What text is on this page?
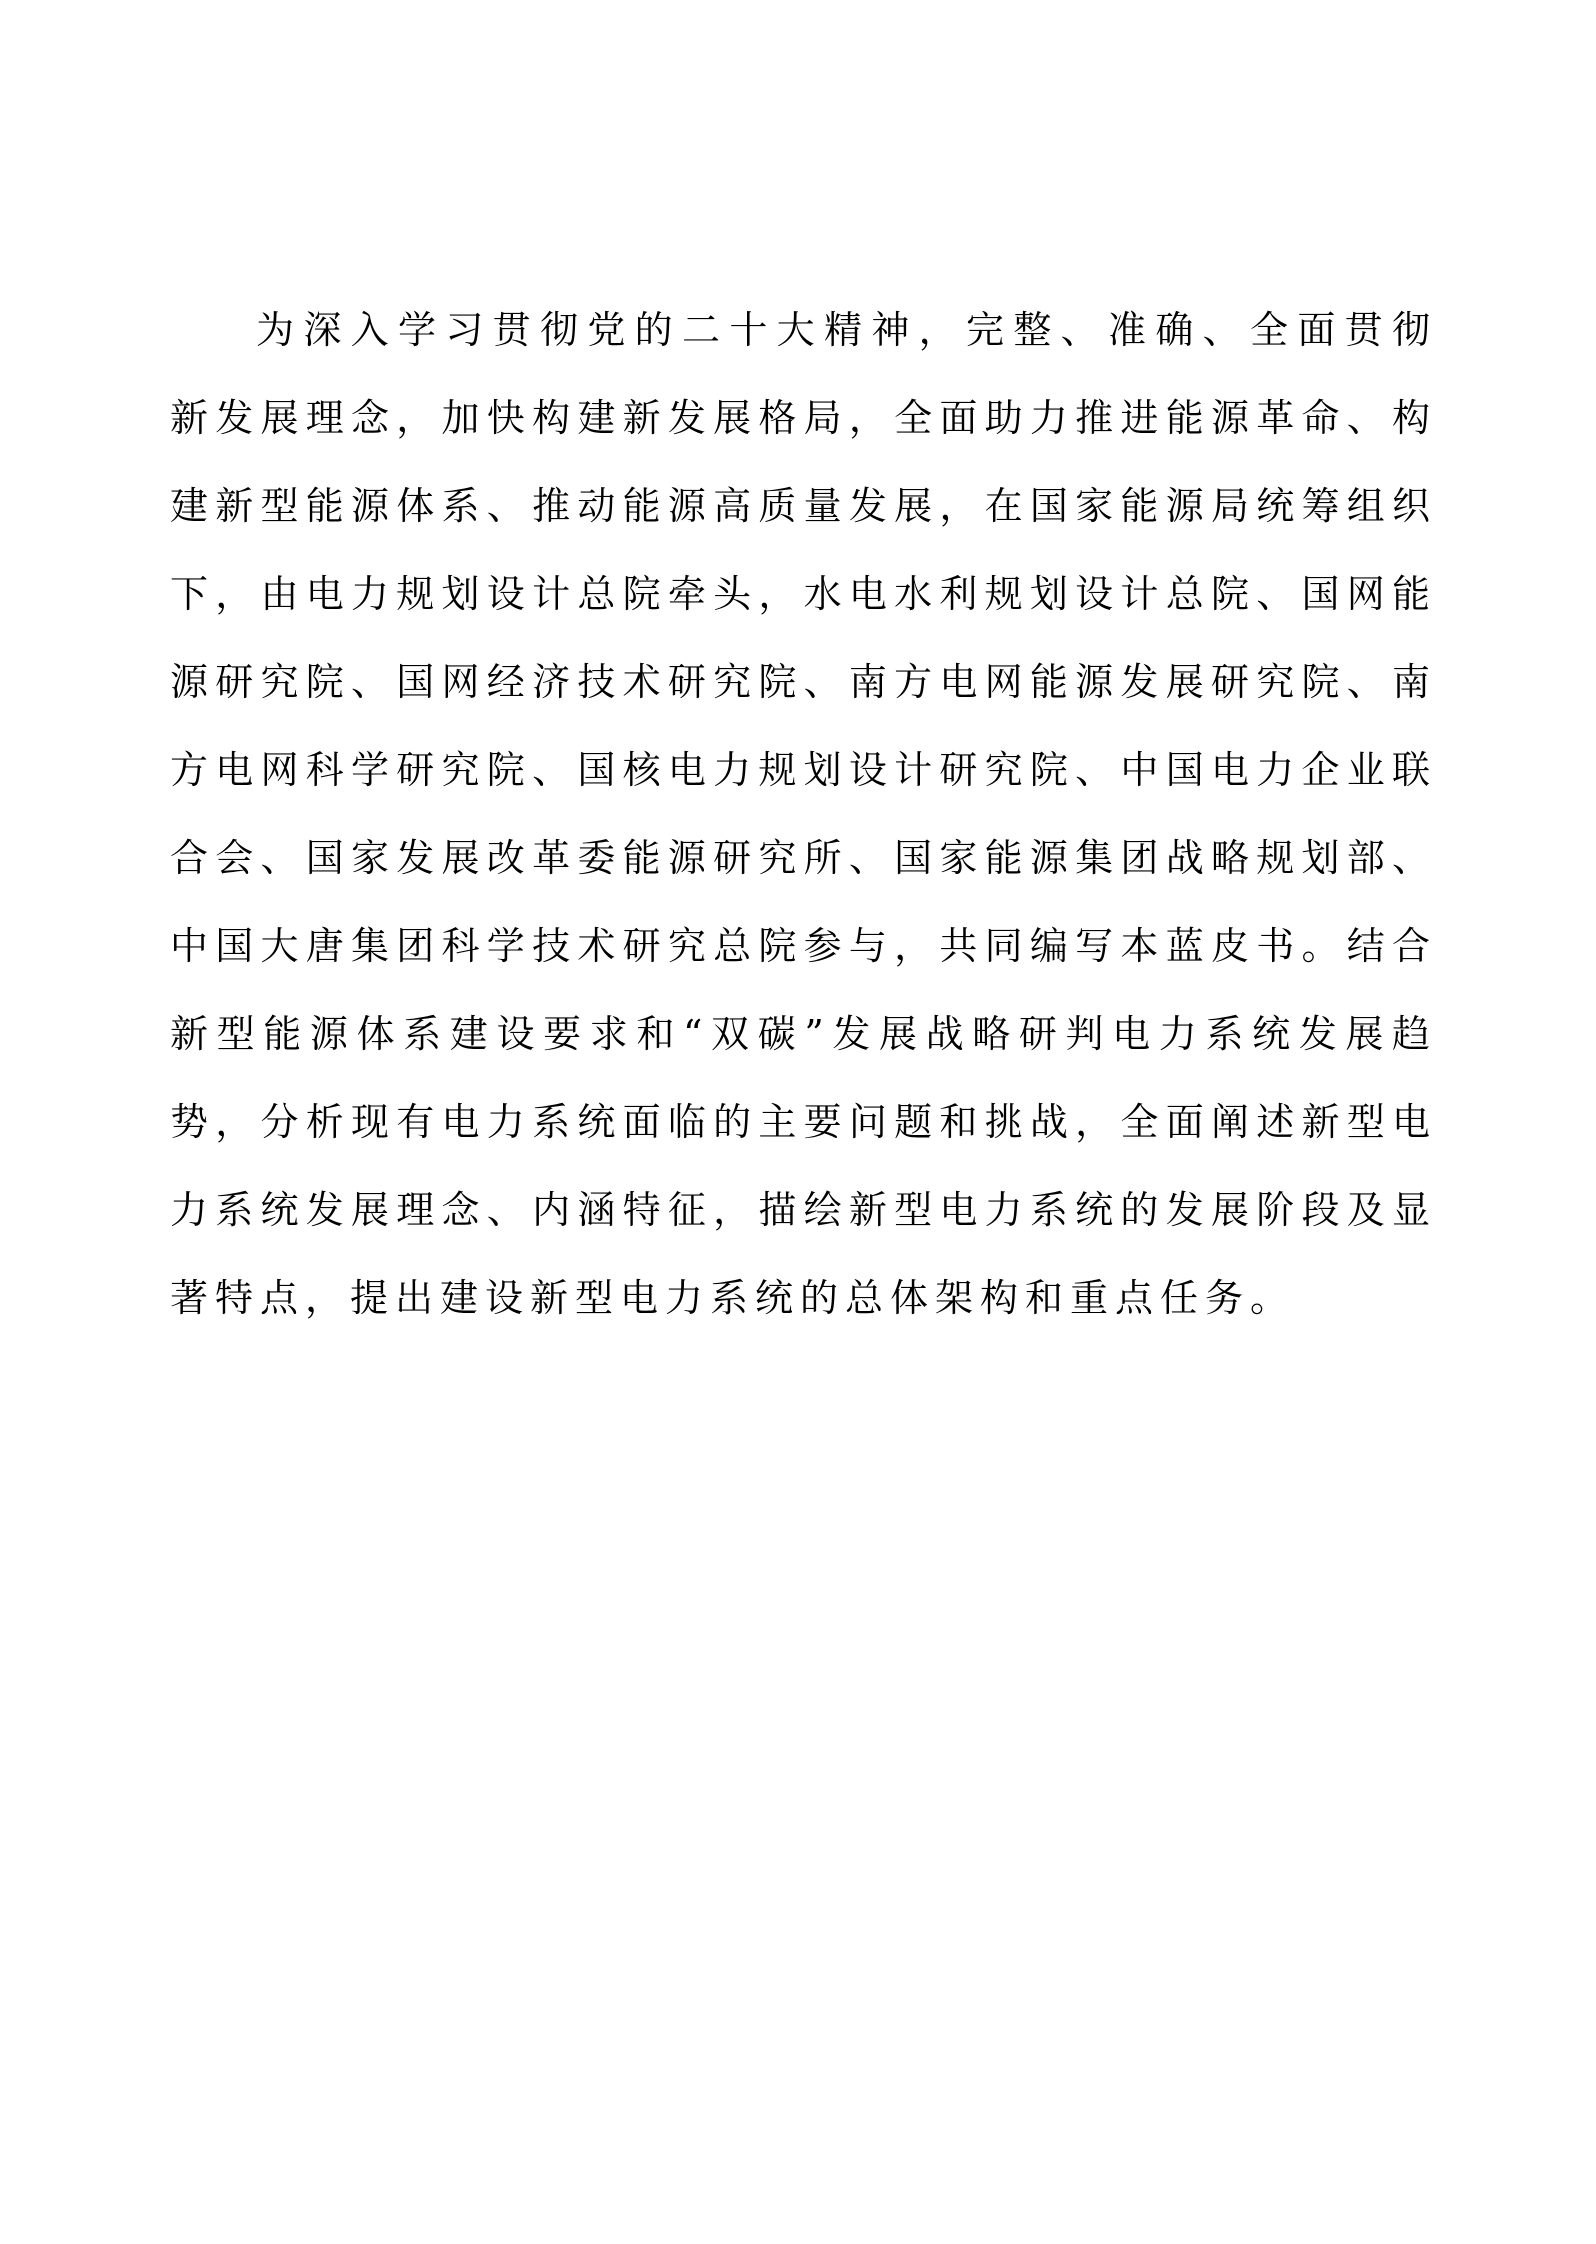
为深入学习贯彻党的二十大精神，完整、准确、全面贯彻
新发展理念，加快构建新发展格局，全面助力推进能源革命、构
建新型能源体系、推动能源高质量发展，在国家能源局统筹组织
下，由电力规划设计总院牵头，水电水利规划设计总院、国网能
源研究院、国网经济技术研究院、南方电网能源发展研究院、南
方电网科学研究院、国核电力规划设计研究院、中国电力企业联
合会、国家发展改革委能源研究所、国家能源集团战略规划部、
中国大唐集团科学技术研究总院参与，共同编写本蓝皮书。结合
新型能源体系建设要求和“双碳”发展战略研判电力系统发展趋
势，分析现有电力系统面临的主要问题和挑战，全面阐述新型电
力系统发展理念、内涵特征，描绘新型电力系统的发展阶段及显
著特点，提出建设新型电力系统的总体架构和重点任务。
